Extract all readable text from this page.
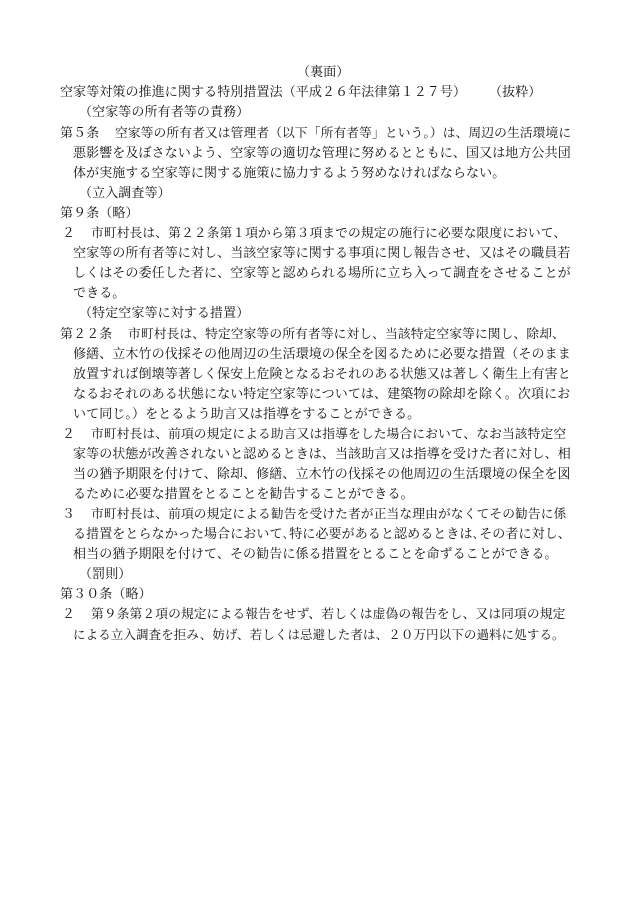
（裏面）
空家等対策の推進に関する特別措置法（平成２６年法律第１２７号） （抜粋）
（空家等の所有者等の責務）
第５条 空家等の所有者又は管理者（以下「所有者等」という。）は、周辺の生活環境に
悪影響を及ぼさないよう、空家等の適切な管理に努めるとともに、国又は地方公共団
体が実施する空家等に関する施策に協力するよう努めなければならない。
（立入調査等）
第９条（略）
２ 市町村長は、第２２条第１項から第３項までの規定の施行に必要な限度において、
空家等の所有者等に対し、当該空家等に関する事項に関し報告させ、又はその職員若
しくはその委任した者に、空家等と認められる場所に立ち入って調査をさせることが
できる。
（特定空家等に対する措置）
第２２条 市町村長は、特定空家等の所有者等に対し、当該特定空家等に関し、除却、
修繕、立木竹の伐採その他周辺の生活環境の保全を図るために必要な措置（そのまま
放置すれば倒壊等著しく保安上危険となるおそれのある状態又は著しく衛生上有害と
なるおそれのある状態にない特定空家等については、建築物の除却を除く。次項にお
いて同じ。）をとるよう助言又は指導をすることができる。
２ 市町村長は、前項の規定による助言又は指導をした場合において、なお当該特定空
家等の状態が改善されないと認めるときは、当該助言又は指導を受けた者に対し、相
当の猶予期限を付けて、除却、修繕、立木竹の伐採その他周辺の生活環境の保全を図
るために必要な措置をとることを勧告することができる。
３ 市町村長は、前項の規定による勧告を受けた者が正当な理由がなくてその勧告に係
る措置をとらなかった場合において､特に必要があると認めるときは､その者に対し、
相当の猶予期限を付けて、その勧告に係る措置をとることを命ずることができる。
（罰則）
第３０条（略）
２ 第９条第２項の規定による報告をせず、若しくは虚偽の報告をし、又は同項の規定
による立入調査を拒み、妨げ、若しくは忌避した者は、２０万円以下の過料に処する。
